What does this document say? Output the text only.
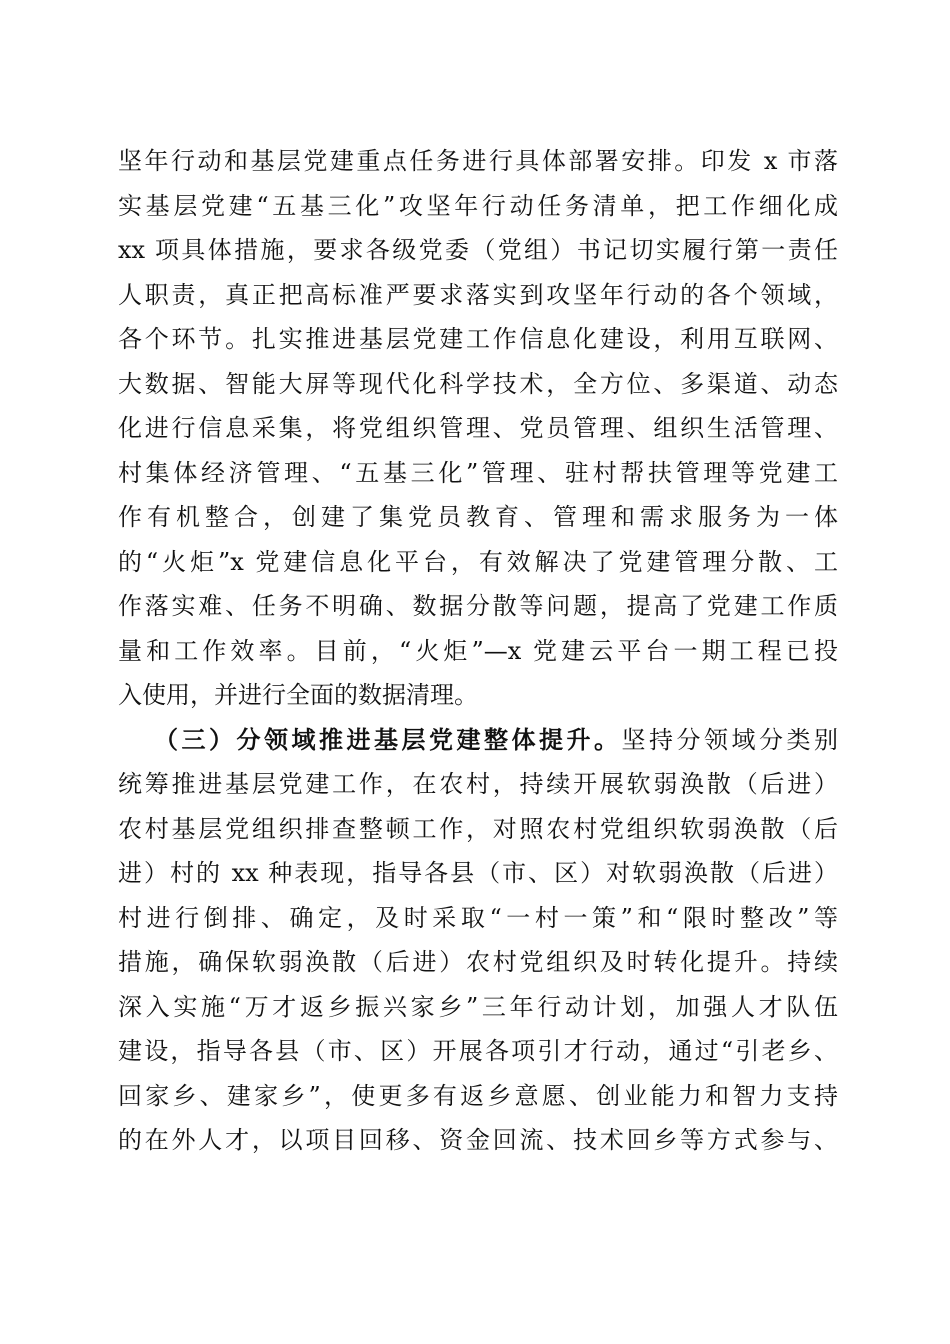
坚年行动和基层党建重点任务进行具体部署安排。印发 x 市落
实基层党建“五基三化”攻坚年行动任务清单，把工作细化成
xx 项具体措施，要求各级党委（党组）书记切实履行第一责任
人职责，真正把高标准严要求落实到攻坚年行动的各个领域，
各个环节。扎实推进基层党建工作信息化建设，利用互联网、
大数据、智能大屏等现代化科学技术，全方位、多渠道、动态
化进行信息采集，将党组织管理、党员管理、组织生活管理、
村集体经济管理、“五基三化”管理、驻村帮扶管理等党建工
作有机整合，创建了集党员教育、管理和需求服务为一体
的“火炬”x 党建信息化平台，有效解决了党建管理分散、工
作落实难、任务不明确、数据分散等问题，提高了党建工作质
量和工作效率。目前，“火炬”—x 党建云平台一期工程已投
入使用，并进行全面的数据清理。
（三）分领域推进基层党建整体提升。坚持分领域分类别
统筹推进基层党建工作，在农村，持续开展软弱涣散（后进）
农村基层党组织排查整顿工作，对照农村党组织软弱涣散（后
进）村的 xx 种表现，指导各县（市、区）对软弱涣散（后进）
村进行倒排、确定，及时采取“一村一策”和“限时整改”等
措施，确保软弱涣散（后进）农村党组织及时转化提升。持续
深入实施“万才返乡振兴家乡”三年行动计划，加强人才队伍
建设，指导各县（市、区）开展各项引才行动，通过“引老乡、
回家乡、建家乡”，使更多有返乡意愿、创业能力和智力支持
的在外人才，以项目回移、资金回流、技术回乡等方式参与、
